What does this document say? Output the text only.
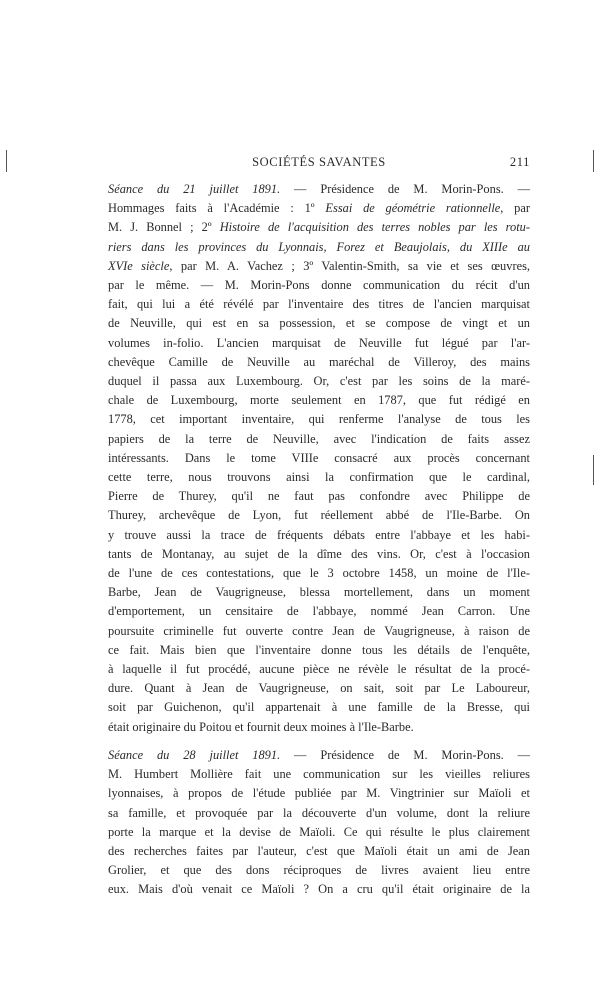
SOCIÉTÉS SAVANTES	211
Séance du 21 juillet 1891. — Présidence de M. Morin-Pons. —
Hommages faits à l'Académie : 1º Essai de géométrie rationnelle, par
M. J. Bonnel ; 2º Histoire de l'acquisition des terres nobles par les rotu-
riers dans les provinces du Lyonnais, Forez et Beaujolais, du XIIIe au
XVIe siècle, par M. A. Vachez ; 3º Valentin-Smith, sa vie et ses œuvres,
par le même. — M. Morin-Pons donne communication du récit d'un
fait, qui lui a été révélé par l'inventaire des titres de l'ancien marquisat
de Neuville, qui est en sa possession, et se compose de vingt et un
volumes in-folio. L'ancien marquisat de Neuville fut légué par l'ar-
chevêque Camille de Neuville au maréchal de Villeroy, des mains
duquel il passa aux Luxembourg. Or, c'est par les soins de la maré-
chale de Luxembourg, morte seulement en 1787, que fut rédigé en
1778, cet important inventaire, qui renferme l'analyse de tous les
papiers de la terre de Neuville, avec l'indication de faits assez
intéressants. Dans le tome VIIIe consacré aux procès concernant
cette terre, nous trouvons ainsi la confirmation que le cardinal,
Pierre de Thurey, qu'il ne faut pas confondre avec Philippe de
Thurey, archevêque de Lyon, fut réellement abbé de l'Ile-Barbe. On
y trouve aussi la trace de fréquents débats entre l'abbaye et les habi-
tants de Montanay, au sujet de la dîme des vins. Or, c'est à l'occasion
de l'une de ces contestations, que le 3 octobre 1458, un moine de l'Ile-
Barbe, Jean de Vaugrigneuse, blessa mortellement, dans un moment
d'emportement, un censitaire de l'abbaye, nommé Jean Carron. Une
poursuite criminelle fut ouverte contre Jean de Vaugrigneuse, à raison de
ce fait. Mais bien que l'inventaire donne tous les détails de l'enquête,
à laquelle il fut procédé, aucune pièce ne révèle le résultat de la procé-
dure. Quant à Jean de Vaugrigneuse, on sait, soit par Le Laboureur,
soit par Guichenon, qu'il appartenait à une famille de la Bresse, qui
était originaire du Poitou et fournit deux moines à l'Ile-Barbe.
Séance du 28 juillet 1891. — Présidence de M. Morin-Pons. —
M. Humbert Mollière fait une communication sur les vieilles reliures
lyonnaises, à propos de l'étude publiée par M. Vingtrinier sur Maïoli et
sa famille, et provoquée par la découverte d'un volume, dont la reliure
porte la marque et la devise de Maïoli. Ce qui résulte le plus clairement
des recherches faites par l'auteur, c'est que Maïoli était un ami de Jean
Grolier, et que des dons réciproques de livres avaient lieu entre
eux. Mais d'où venait ce Maïoli ? On a cru qu'il était originaire de la
